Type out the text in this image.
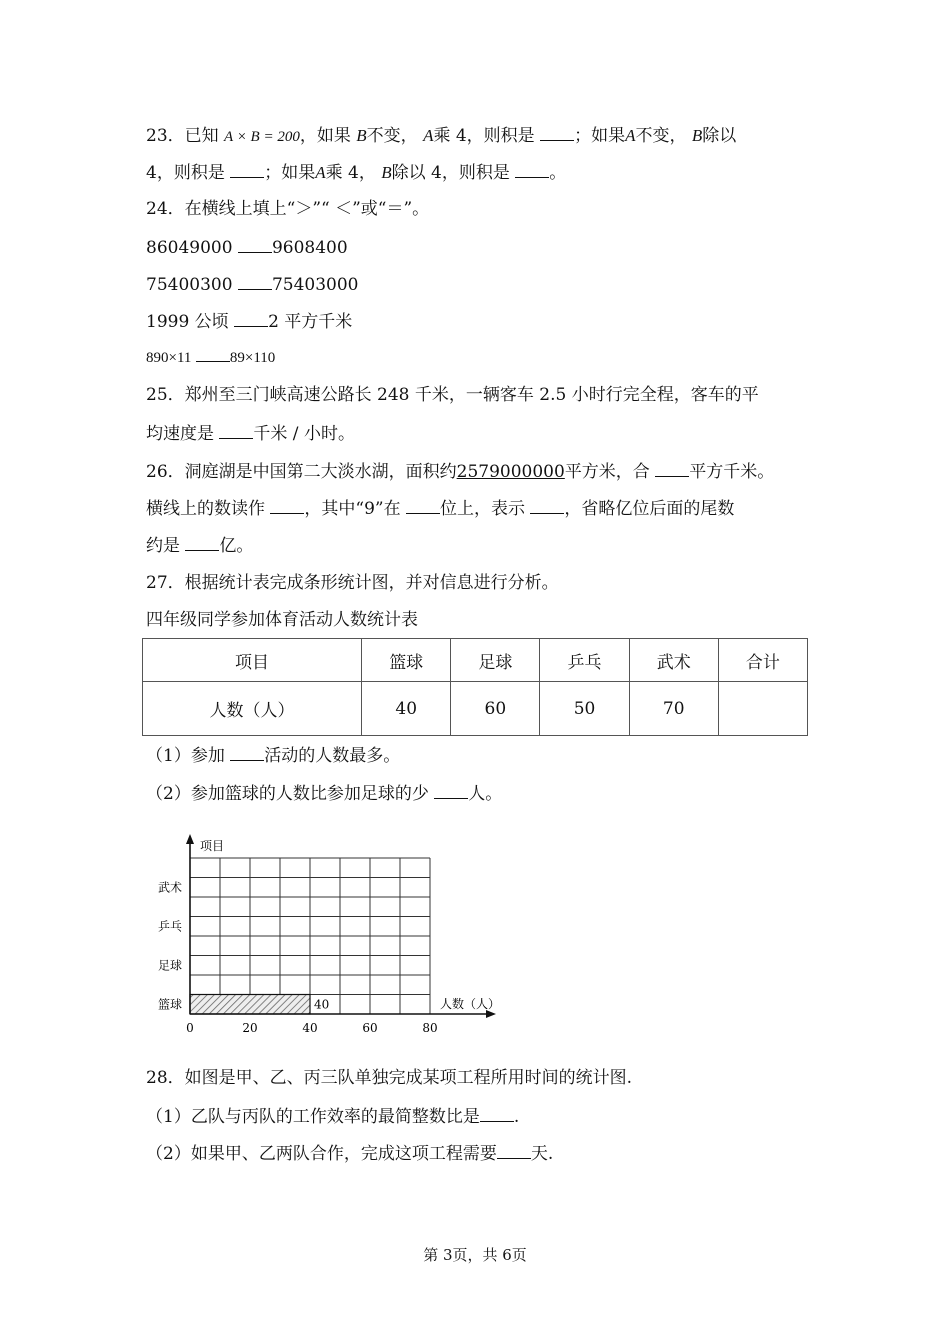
23．已知 A × B = 200，如果 B不变， A乘 4，则积是 ；如果A不变， B除以
4，则积是 ；如果A乘 4， B除以 4，则积是 。
24．在横线上填上“＞”“ ＜”或“＝”。
86049000 9608400
75400300 75403000
1999 公顷 2 平方千米
890×11	89×110
25．郑州至三门峡高速公路长 248 千米，一辆客车 2.5 小时行完全程，客车的平
均速度是 千米 / 小时。
26．洞庭湖是中国第二大淡水湖，面积约2579000000平方米，合 平方千米。
横线上的数读作 ，其中“9”在 位上，表示 ，省略亿位后面的尾数
约是 亿。
27．根据统计表完成条形统计图，并对信息进行分析。
四年级同学参加体育活动人数统计表
项目	篮球	足球	乒乓	武术	合计
人数（人）	40	60	50	70	
（1）参加 活动的人数最多。
（2）参加篮球的人数比参加足球的少 人。
项目
人数（人）
0	20	40	60	80
篮球	40
足球
乒乓
武术
28．如图是甲、乙、丙三队单独完成某项工程所用时间的统计图.
（1）乙队与丙队的工作效率的最简整数比是 .
（2）如果甲、乙两队合作，完成这项工程需要 天.
第 3页，共 6页
